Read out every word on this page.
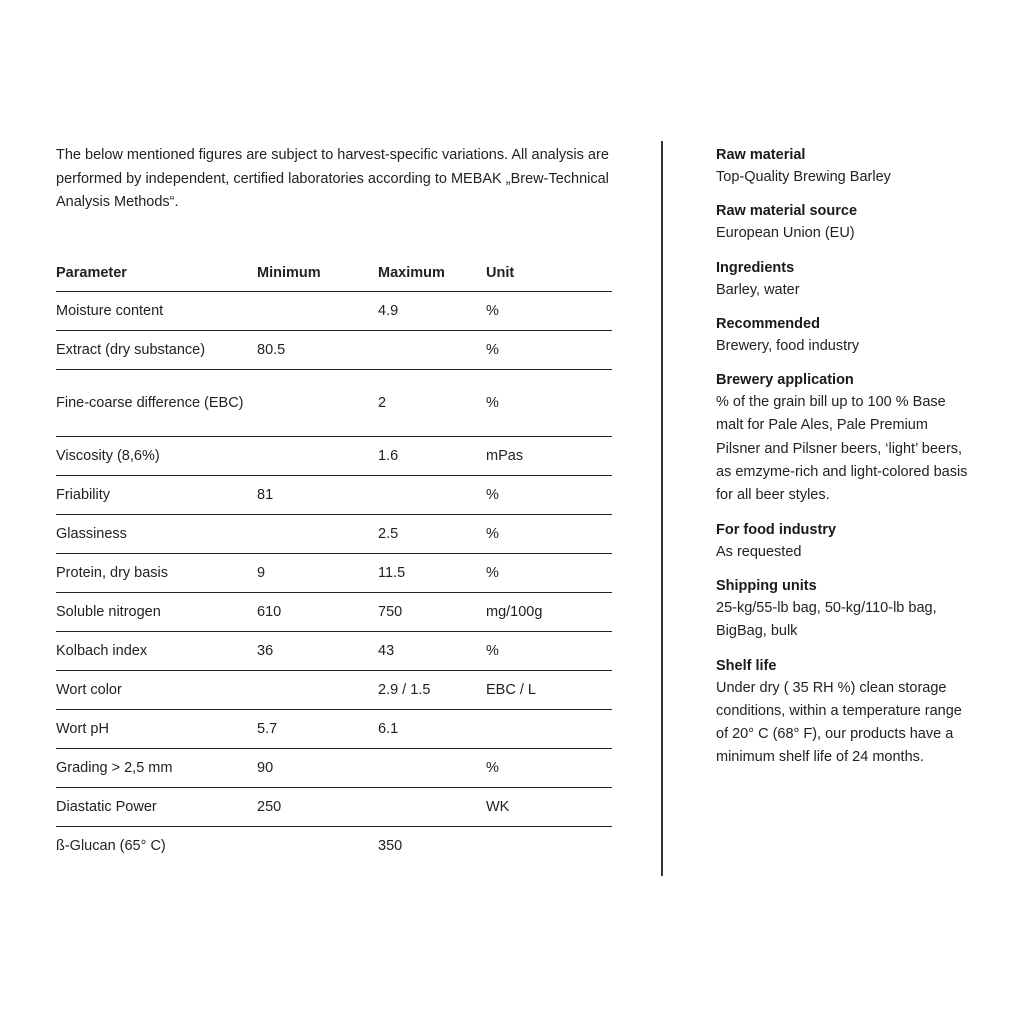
The below mentioned figures are subject to harvest-specific variations. All analysis are performed by independent, certified laboratories according to MEBAK „Brew-Technical Analysis Methods“.

Parameter	Minimum	Maximum	Unit
Moisture content		4.9	%
Extract (dry substance)	80.5		%
Fine-coarse difference (EBC)		2	%
Viscosity (8,6%)		1.6	mPas
Friability	81		%
Glassiness		2.5	%
Protein, dry basis	9	11.5	%
Soluble nitrogen	610	750	mg/100g
Kolbach index	36	43	%
Wort color		2.9 / 1.5	EBC / L
Wort pH	5.7	6.1	
Grading > 2,5 mm	90		%
Diastatic Power	250		WK
ß-Glucan (65° C)		350	
Raw material
Top-Quality Brewing Barley
Raw material source
European Union (EU)
Ingredients
Barley, water
Recommended
Brewery, food industry
Brewery application
% of the grain bill up to 100 % Base malt for Pale Ales, Pale Premium Pilsner and Pilsner beers, ‘light’ beers, as emzyme-rich and light-colored basis for all beer styles.
For food industry
As requested
Shipping units
25-kg/55-lb bag, 50-kg/110-lb bag, BigBag, bulk
Shelf life
Under dry ( 35 RH %) clean storage conditions, within a temperature range of 20° C (68° F), our products have a minimum shelf life of 24 months.
